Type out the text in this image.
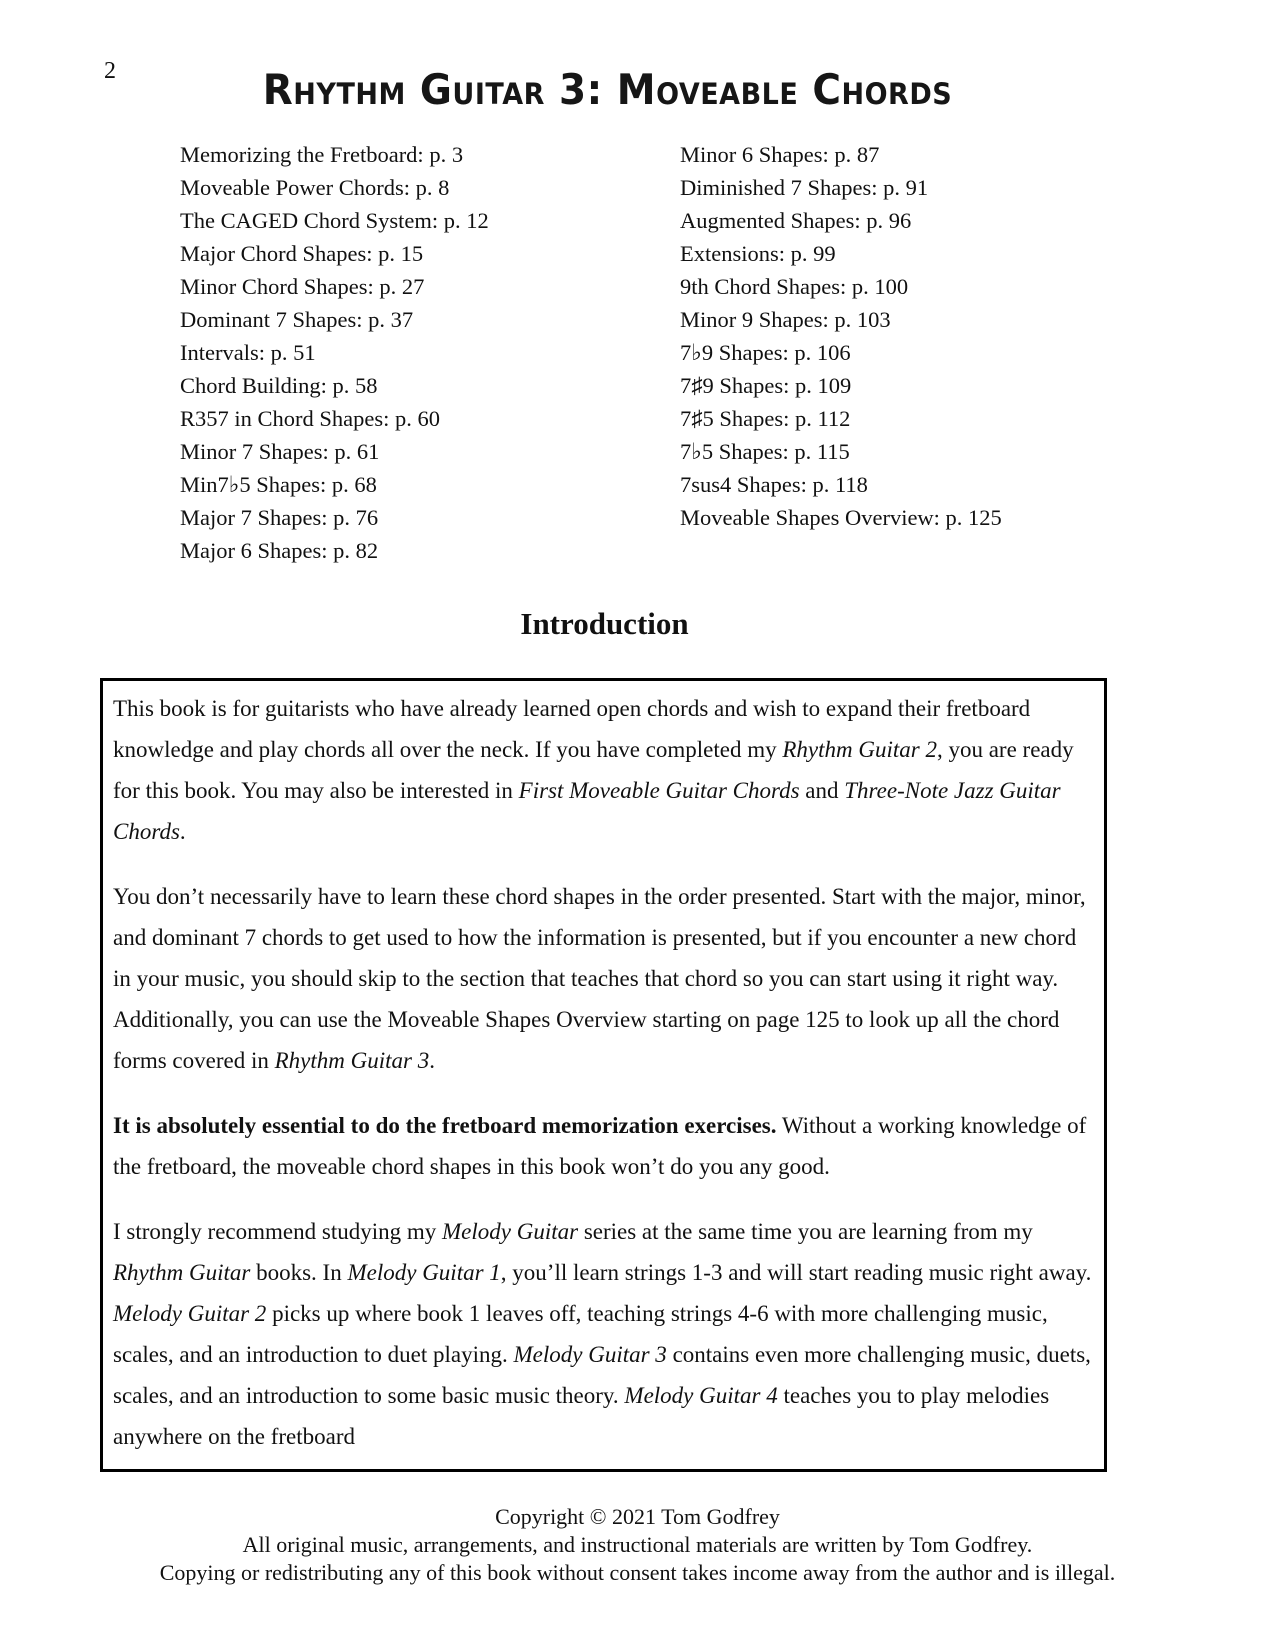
2	Rhythm Guitar 3: Moveable Chords
Memorizing the Fretboard: p. 3
Moveable Power Chords: p. 8
The CAGED Chord System: p. 12
Major Chord Shapes: p. 15
Minor Chord Shapes: p. 27
Dominant 7 Shapes: p. 37
Intervals: p. 51
Chord Building: p. 58
R357 in Chord Shapes: p. 60
Minor 7 Shapes: p. 61
Min7♭5 Shapes: p. 68
Major 7 Shapes: p. 76
Major 6 Shapes: p. 82
Minor 6 Shapes: p. 87
Diminished 7 Shapes: p. 91
Augmented Shapes: p. 96
Extensions: p. 99
9th Chord Shapes: p. 100
Minor 9 Shapes: p. 103
7♭9 Shapes: p. 106
7♯9 Shapes: p. 109
7♯5 Shapes: p. 112
7♭5 Shapes: p. 115
7sus4 Shapes: p. 118
Moveable Shapes Overview: p. 125
Introduction

This book is for guitarists who have already learned open chords and wish to expand their fretboard knowledge and play chords all over the neck. If you have completed my Rhythm Guitar 2, you are ready for this book. You may also be interested in First Moveable Guitar Chords and Three-Note Jazz Guitar Chords.

You don’t necessarily have to learn these chord shapes in the order presented. Start with the major, minor, and dominant 7 chords to get used to how the information is presented, but if you encounter a new chord in your music, you should skip to the section that teaches that chord so you can start using it right way. Additionally, you can use the Moveable Shapes Overview starting on page 125 to look up all the chord forms covered in Rhythm Guitar 3.

It is absolutely essential to do the fretboard memorization exercises. Without a working knowledge of the fretboard, the moveable chord shapes in this book won’t do you any good.

I strongly recommend studying my Melody Guitar series at the same time you are learning from my Rhythm Guitar books. In Melody Guitar 1, you’ll learn strings 1-3 and will start reading music right away. Melody Guitar 2 picks up where book 1 leaves off, teaching strings 4-6 with more challenging music, scales, and an introduction to duet playing. Melody Guitar 3 contains even more challenging music, duets, scales, and an introduction to some basic music theory. Melody Guitar 4 teaches you to play melodies anywhere on the fretboard

Copyright © 2021 Tom Godfrey
All original music, arrangements, and instructional materials are written by Tom Godfrey.
Copying or redistributing any of this book without consent takes income away from the author and is illegal.
